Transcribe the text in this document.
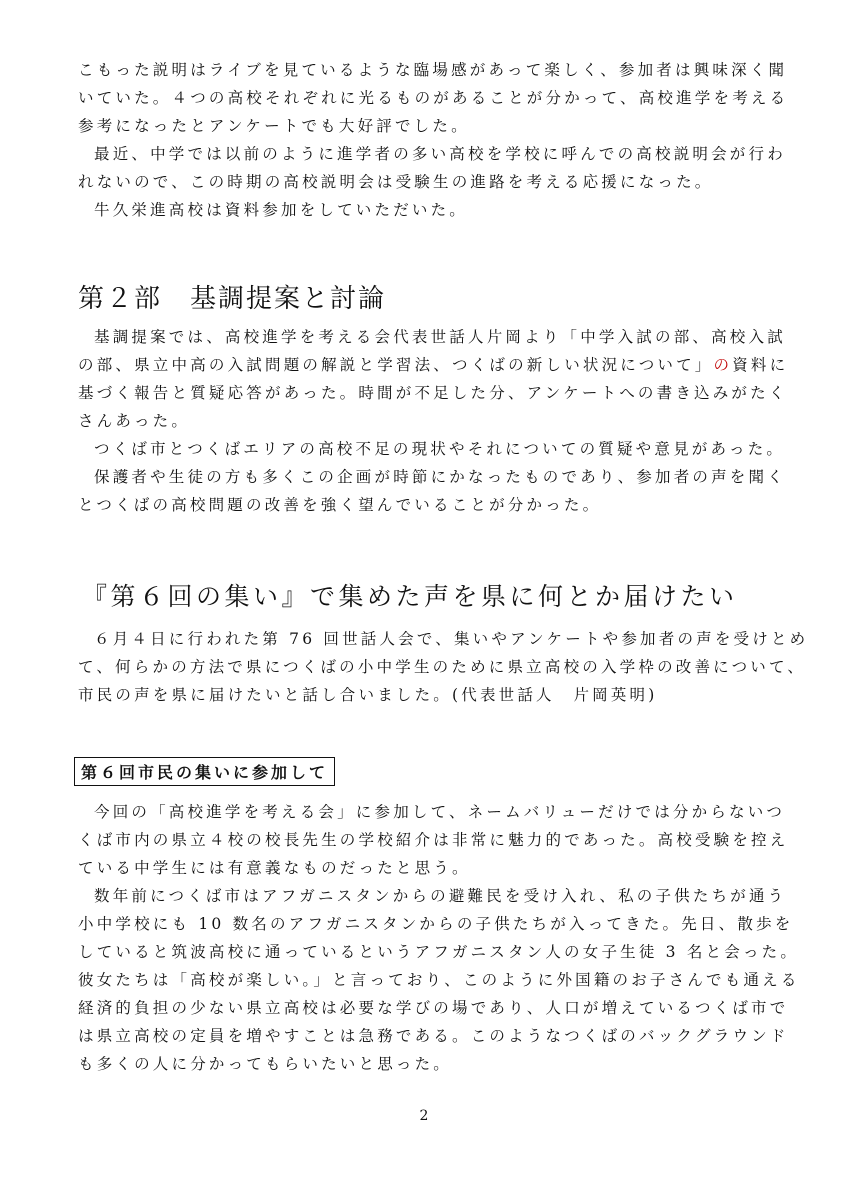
こもった説明はライブを見ているような臨場感があって楽しく、参加者は興味深く聞
いていた。４つの高校それぞれに光るものがあることが分かって、高校進学を考える
参考になったとアンケートでも大好評でした。
最近、中学では以前のように進学者の多い高校を学校に呼んでの高校説明会が行わ
れないので、この時期の高校説明会は受験生の進路を考える応援になった。
牛久栄進高校は資料参加をしていただいた。
第２部　基調提案と討論
基調提案では、高校進学を考える会代表世話人片岡より「中学入試の部、高校入試
の部、県立中高の入試問題の解説と学習法、つくばの新しい状況について」の資料に
基づく報告と質疑応答があった。時間が不足した分、アンケートへの書き込みがたく
さんあった。
つくば市とつくばエリアの高校不足の現状やそれについての質疑や意見があった。
保護者や生徒の方も多くこの企画が時節にかなったものであり、参加者の声を聞く
とつくばの高校問題の改善を強く望んでいることが分かった。
『第６回の集い』で集めた声を県に何とか届けたい
６月４日に行われた第 76 回世話人会で、集いやアンケートや参加者の声を受けとめ
て、何らかの方法で県につくばの小中学生のために県立高校の入学枠の改善について、
市民の声を県に届けたいと話し合いました。(代表世話人　片岡英明)
第６回市民の集いに参加して
今回の「高校進学を考える会」に参加して、ネームバリューだけでは分からないつ
くば市内の県立４校の校長先生の学校紹介は非常に魅力的であった。高校受験を控え
ている中学生には有意義なものだったと思う。
数年前につくば市はアフガニスタンからの避難民を受け入れ、私の子供たちが通う
小中学校にも 10 数名のアフガニスタンからの子供たちが入ってきた。先日、散歩を
していると筑波高校に通っているというアフガニスタン人の女子生徒 3 名と会った。
彼女たちは「高校が楽しい。」と言っており、このように外国籍のお子さんでも通える
経済的負担の少ない県立高校は必要な学びの場であり、人口が増えているつくば市で
は県立高校の定員を増やすことは急務である。このようなつくばのバックグラウンド
も多くの人に分かってもらいたいと思った。
2
